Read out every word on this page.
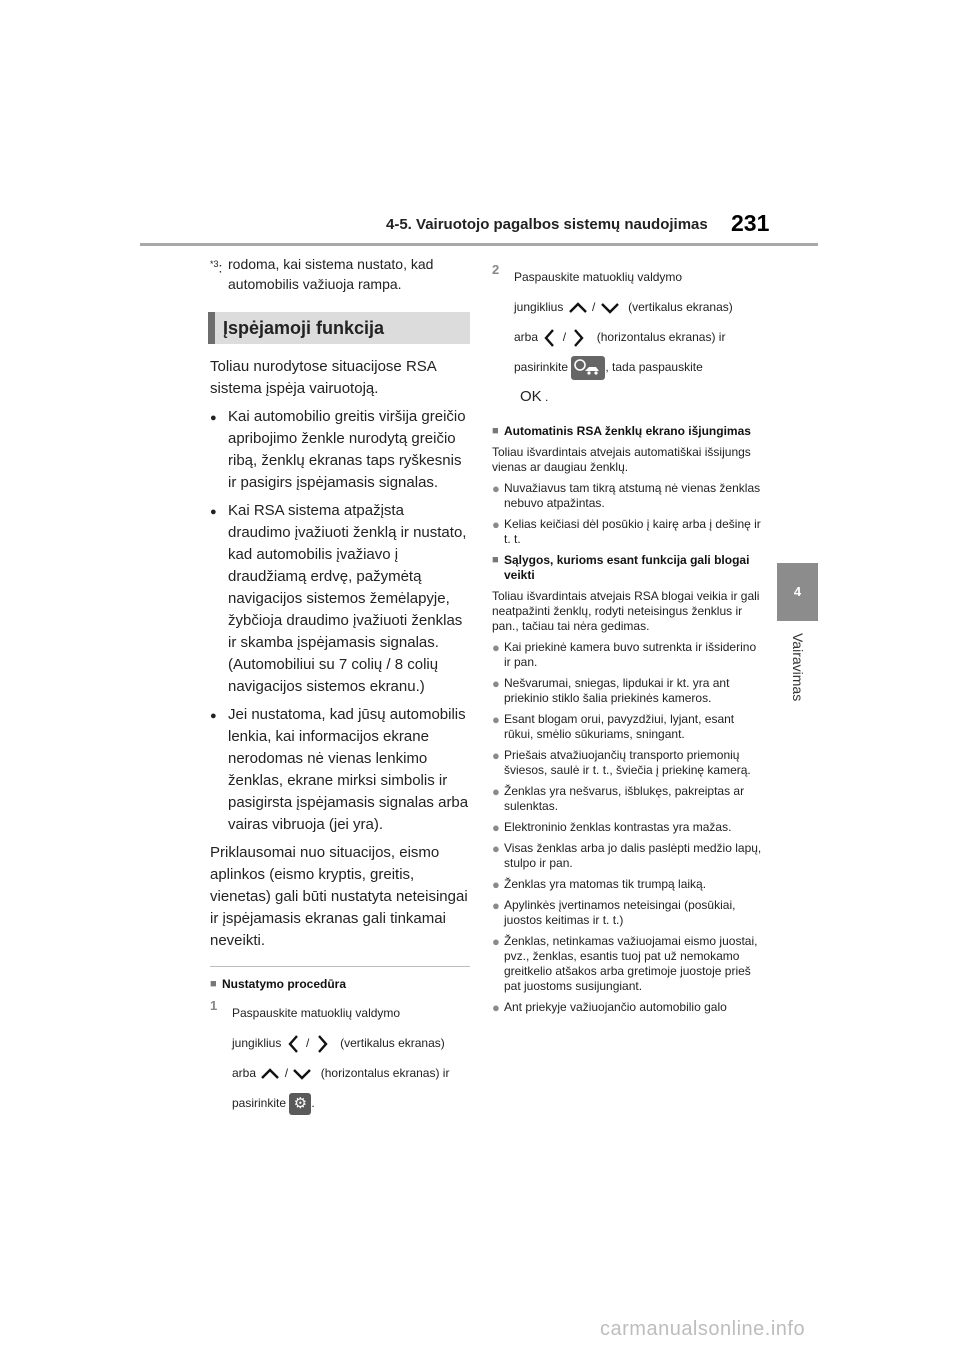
4-5. Vairuotojo pagalbos sistemų naudojimas 231
4
Vairavimas
$^{*3}$: rodoma, kai sistema nustato, kad automobilis važiuoja rampa.
Įspėjamoji funkcija

Toliau nurodytose situacijose RSA sistema įspėja vairuotoją.

● Kai automobilio greitis viršija greičio apribojimo ženkle nurodytą greičio ribą, ženklų ekranas taps ryškesnis ir pasigirs įspėjamasis signalas.
● Kai RSA sistema atpažįsta draudimo įvažiuoti ženklą ir nustato, kad automobilis įvažiavo į draudžiamą erdvę, pažymėtą navigacijos sistemos žemėlapyje, žybčioja draudimo įvažiuoti ženklas ir skamba įspėjamasis signalas. (Automobiliui su 7 colių / 8 colių navigacijos sistemos ekranu.)
● Jei nustatoma, kad jūsų automobilis lenkia, kai informacijos ekrane nerodomas nė vienas lenkimo ženklas, ekrane mirksi simbolis ir pasigirsta įspėjamasis signalas arba vairas vibruoja (jei yra).

Priklausomai nuo situacijos, eismo aplinkos (eismo kryptis, greitis, vienetas) gali būti nustatyta neteisingai ir įspėjamasis ekranas gali tinkamai neveikti.

■ Nustatymo procedūra
1	Paspauskite matuoklių valdymo
jungiklius /	(vertikalus ekranas)
arba /	(horizontalus ekranas) ir
pasirinkite ⚙ .
2	Paspauskite matuoklių valdymo
jungiklius /	(vertikalus ekranas)
arba /	(horizontalus ekranas) ir
pasirinkite	, tada paspauskite
OK .
■ Automatinis RSA ženklų ekrano išjungimas

Toliau išvardintais atvejais automatiškai išsijungs vienas ar daugiau ženklų.

● Nuvažiavus tam tikrą atstumą nė vienas ženklas nebuvo atpažintas.
● Kelias keičiasi dėl posūkio į kairę arba į dešinę ir t. t.
■ Sąlygos, kurioms esant funkcija gali blogai veikti

Toliau išvardintais atvejais RSA blogai veikia ir gali neatpažinti ženklų, rodyti neteisingus ženklus ir pan., tačiau tai nėra gedimas.

● Kai priekinė kamera buvo sutrenkta ir išsiderino ir pan.
● Nešvarumai, sniegas, lipdukai ir kt. yra ant priekinio stiklo šalia priekinės kameros.
● Esant blogam orui, pavyzdžiui, lyjant, esant rūkui, smėlio sūkuriams, sningant.
● Priešais atvažiuojančių transporto priemonių šviesos, saulė ir t. t., šviečia į priekinę kamerą.
● Ženklas yra nešvarus, išblukęs, pakreiptas ar sulenktas.
● Elektroninio ženklas kontrastas yra mažas.
● Visas ženklas arba jo dalis paslėpti medžio lapų, stulpo ir pan.
● Ženklas yra matomas tik trumpą laiką.
● Apylinkės įvertinamos neteisingai (posūkiai, juostos keitimas ir t. t.)
● Ženklas, netinkamas važiuojamai eismo juostai, pvz., ženklas, esantis tuoj pat už nemokamo greitkelio atšakos arba gretimoje juostoje prieš pat juostoms susijungiant.
● Ant priekyje važiuojančio automobilio galo
carmanualsonline.info
